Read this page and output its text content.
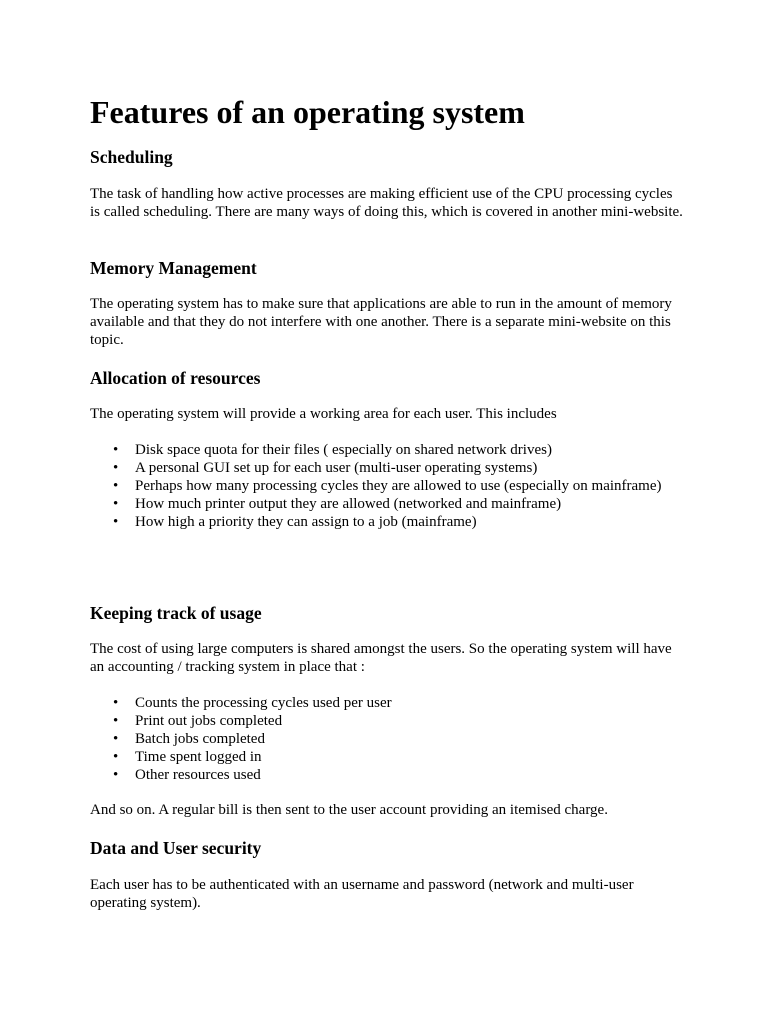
Features of an operating system
Scheduling

The task of handling how active processes are making efficient use of the CPU processing cycles is called scheduling. There are many ways of doing this, which is covered in another mini-website.

Memory Management

The operating system has to make sure that applications are able to run in the amount of memory available and that they do not interfere with one another. There is a separate mini-website on this topic.

Allocation of resources

The operating system will provide a working area for each user. This includes

• Disk space quota for their files ( especially on shared network drives)
• A personal GUI set up for each user (multi-user operating systems)
• Perhaps how many processing cycles they are allowed to use (especially on mainframe)
• How much printer output they are allowed (networked and mainframe)
• How high a priority they can assign to a job (mainframe)
Keeping track of usage

The cost of using large computers is shared amongst the users. So the operating system will have an accounting / tracking system in place that :

• Counts the processing cycles used per user
• Print out jobs completed
• Batch jobs completed
• Time spent logged in
• Other resources used

And so on. A regular bill is then sent to the user account providing an itemised charge.

Data and User security

Each user has to be authenticated with an username and password (network and multi-user operating system).
